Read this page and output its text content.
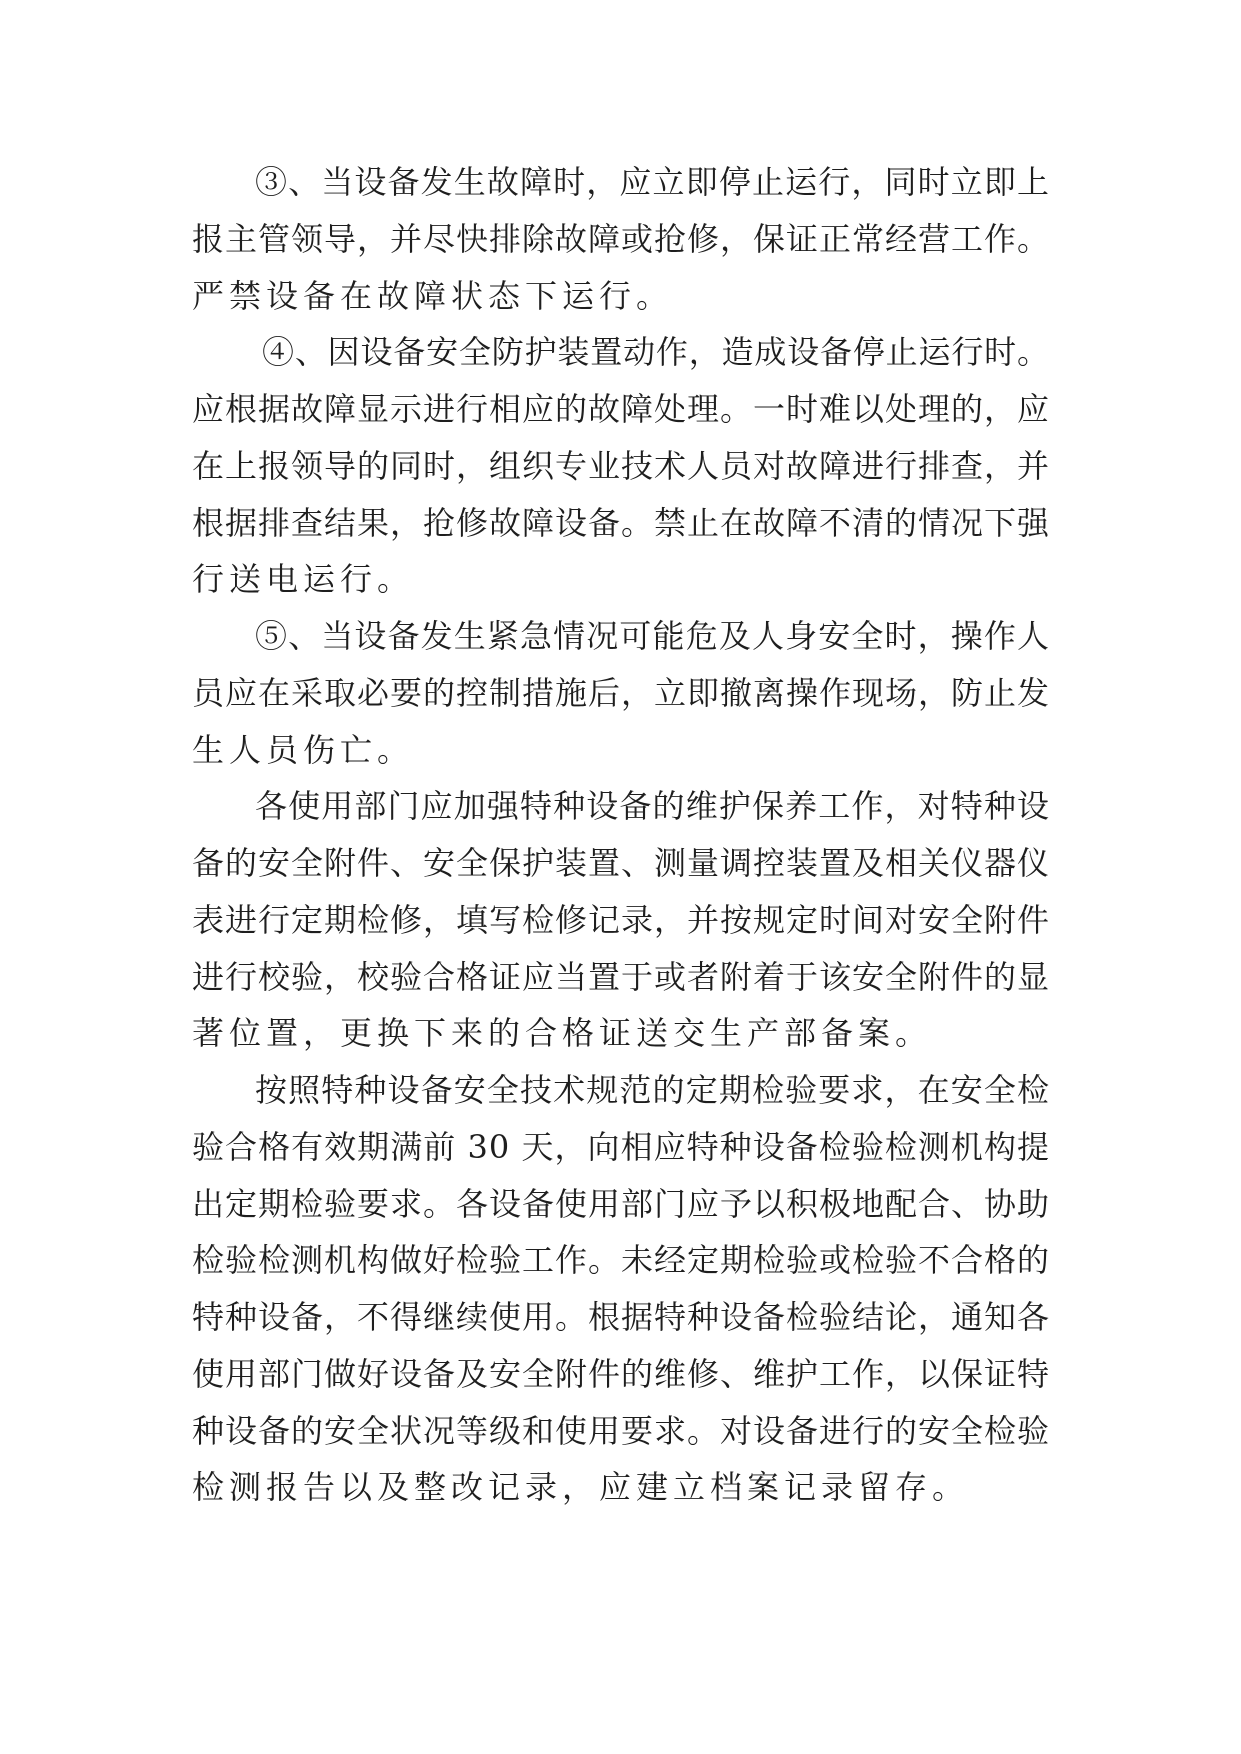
③、当设备发生故障时，应立即停止运行，同时立即上
报主管领导，并尽快排除故障或抢修，保证正常经营工作。
严禁设备在故障状态下运行。
④、因设备安全防护装置动作，造成设备停止运行时。
应根据故障显示进行相应的故障处理。一时难以处理的，应
在上报领导的同时，组织专业技术人员对故障进行排查，并
根据排查结果，抢修故障设备。禁止在故障不清的情况下强
行送电运行。
⑤、当设备发生紧急情况可能危及人身安全时，操作人
员应在采取必要的控制措施后，立即撤离操作现场，防止发
生人员伤亡。
各使用部门应加强特种设备的维护保养工作，对特种设
备的安全附件、安全保护装置、测量调控装置及相关仪器仪
表进行定期检修，填写检修记录，并按规定时间对安全附件
进行校验，校验合格证应当置于或者附着于该安全附件的显
著位置，更换下来的合格证送交生产部备案。
按照特种设备安全技术规范的定期检验要求，在安全检
验合格有效期满前 30 天，向相应特种设备检验检测机构提
出定期检验要求。各设备使用部门应予以积极地配合、协助
检验检测机构做好检验工作。未经定期检验或检验不合格的
特种设备，不得继续使用。根据特种设备检验结论，通知各
使用部门做好设备及安全附件的维修、维护工作，以保证特
种设备的安全状况等级和使用要求。对设备进行的安全检验
检测报告以及整改记录，应建立档案记录留存。
